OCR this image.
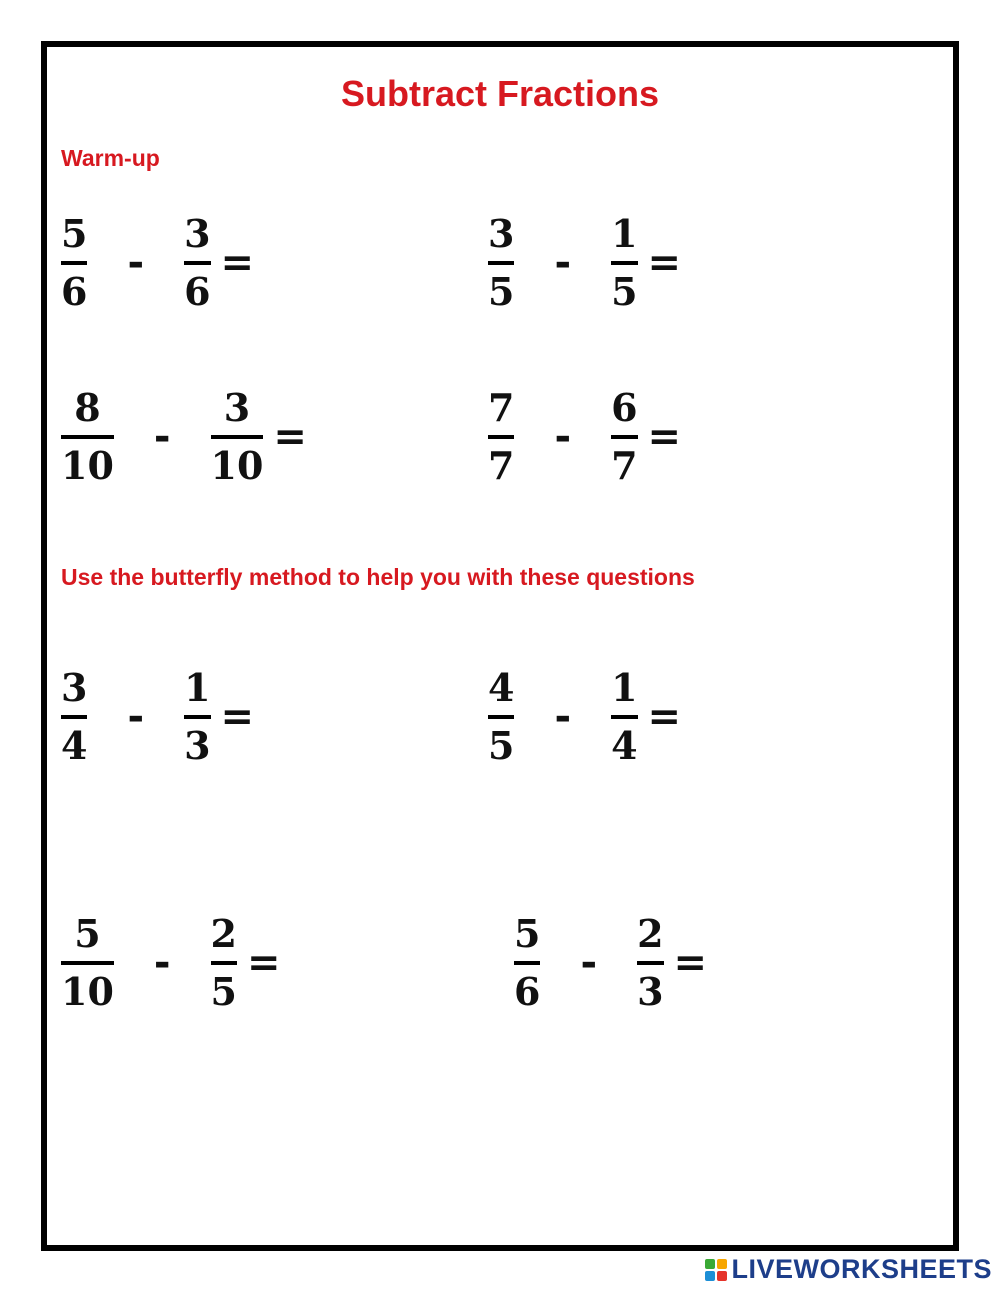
Subtract Fractions
Warm-up
$\frac{5}{6} - \frac{3}{6}$ =	$\frac{3}{5} - \frac{1}{5}$ =
$\frac{8}{10} - \frac{3}{10}$ =	$\frac{7}{7} - \frac{6}{7}$ =
Use the butterfly method to help you with these questions
$\frac{3}{4} - \frac{1}{3}$ =	$\frac{4}{5} - \frac{1}{4}$ =
$\frac{5}{10} - \frac{2}{5}$ =	$\frac{5}{6} - \frac{2}{3}$ =
LIVEWORKSHEETS
